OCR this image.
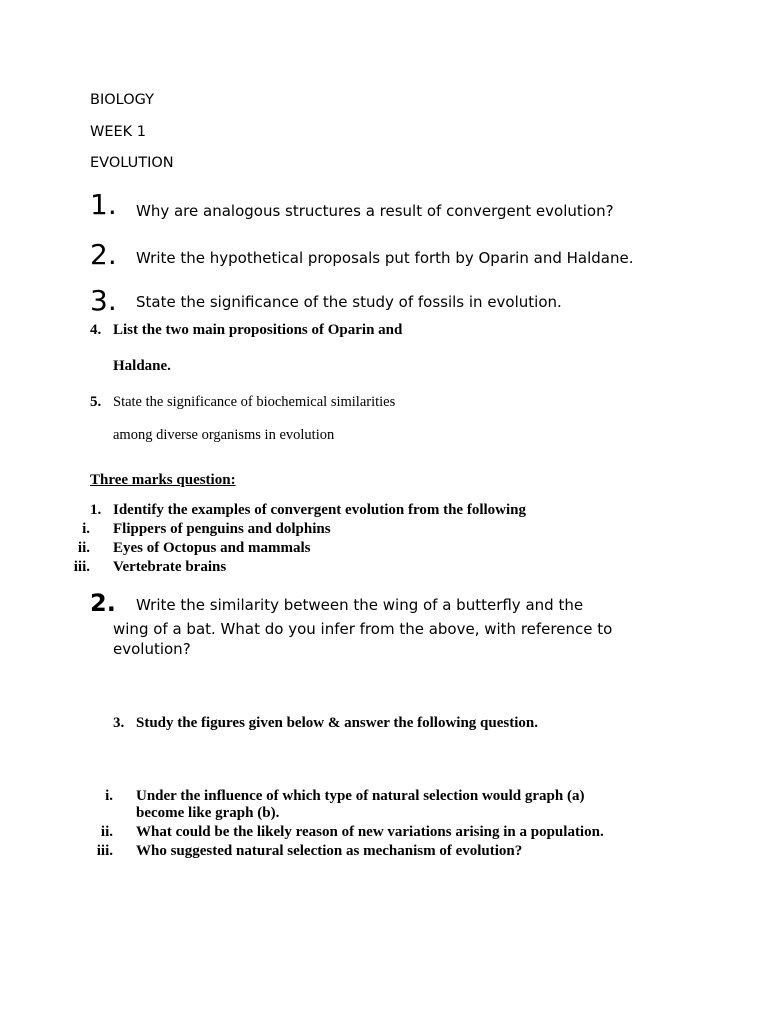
BIOLOGY
WEEK 1
EVOLUTION
1. Why are analogous structures a result of convergent evolution?
2. Write the hypothetical proposals put forth by Oparin and Haldane.
3. State the significance of the study of fossils in evolution.
4. List the two main propositions of Oparin and
Haldane.
5. State the significance of biochemical similarities
among diverse organisms in evolution
Three marks question:
1. Identify the examples of convergent evolution from the following
i. Flippers of penguins and dolphins
ii. Eyes of Octopus and mammals
iii. Vertebrate brains
2. Write the similarity between the wing of a butterfly and the
wing of a bat. What do you infer from the above, with reference to
evolution?
3. Study the figures given below & answer the following question.
i. Under the influence of which type of natural selection would graph (a)
become like graph (b).
ii. What could be the likely reason of new variations arising in a population.
iii. Who suggested natural selection as mechanism of evolution?
